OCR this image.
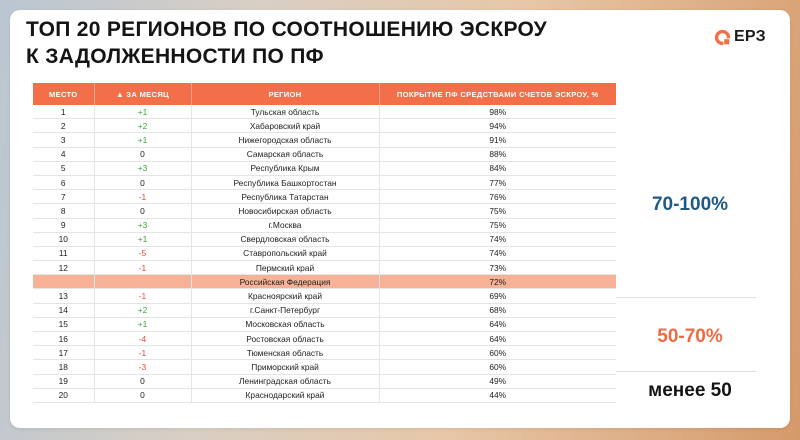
ТОП 20 РЕГИОНОВ ПО СООТНОШЕНИЮ ЭСКРОУ
К ЗАДОЛЖЕННОСТИ ПО ПФ
ЕРЗ
МЕСТО	▲ ЗА МЕСЯЦ	РЕГИОН	ПОКРЫТИЕ ПФ СРЕДСТВАМИ СЧЕТОВ ЭСКРОУ, %
1	+1	Тульская область	98%
2	+2	Хабаровский край	94%
3	+1	Нижегородская область	91%
4	0	Самарская область	88%
5	+3	Республика Крым	84%
6	0	Республика Башкортостан	77%
7	-1	Республика Татарстан	76%
8	0	Новосибирская область	75%
9	+3	г.Москва	75%
10	+1	Свердловская область	74%
11	-5	Ставропольский край	74%
12	-1	Пермский край	73%
		Российская Федерация	72%
13	-1	Красноярский край	69%
14	+2	г.Санкт-Петербург	68%
15	+1	Московская область	64%
16	-4	Ростовская область	64%
17	-1	Тюменская область	60%
18	-3	Приморский край	60%
19	0	Ленинградская область	49%
20	0	Краснодарский край	44%
70-100%
50-70%
менее 50
